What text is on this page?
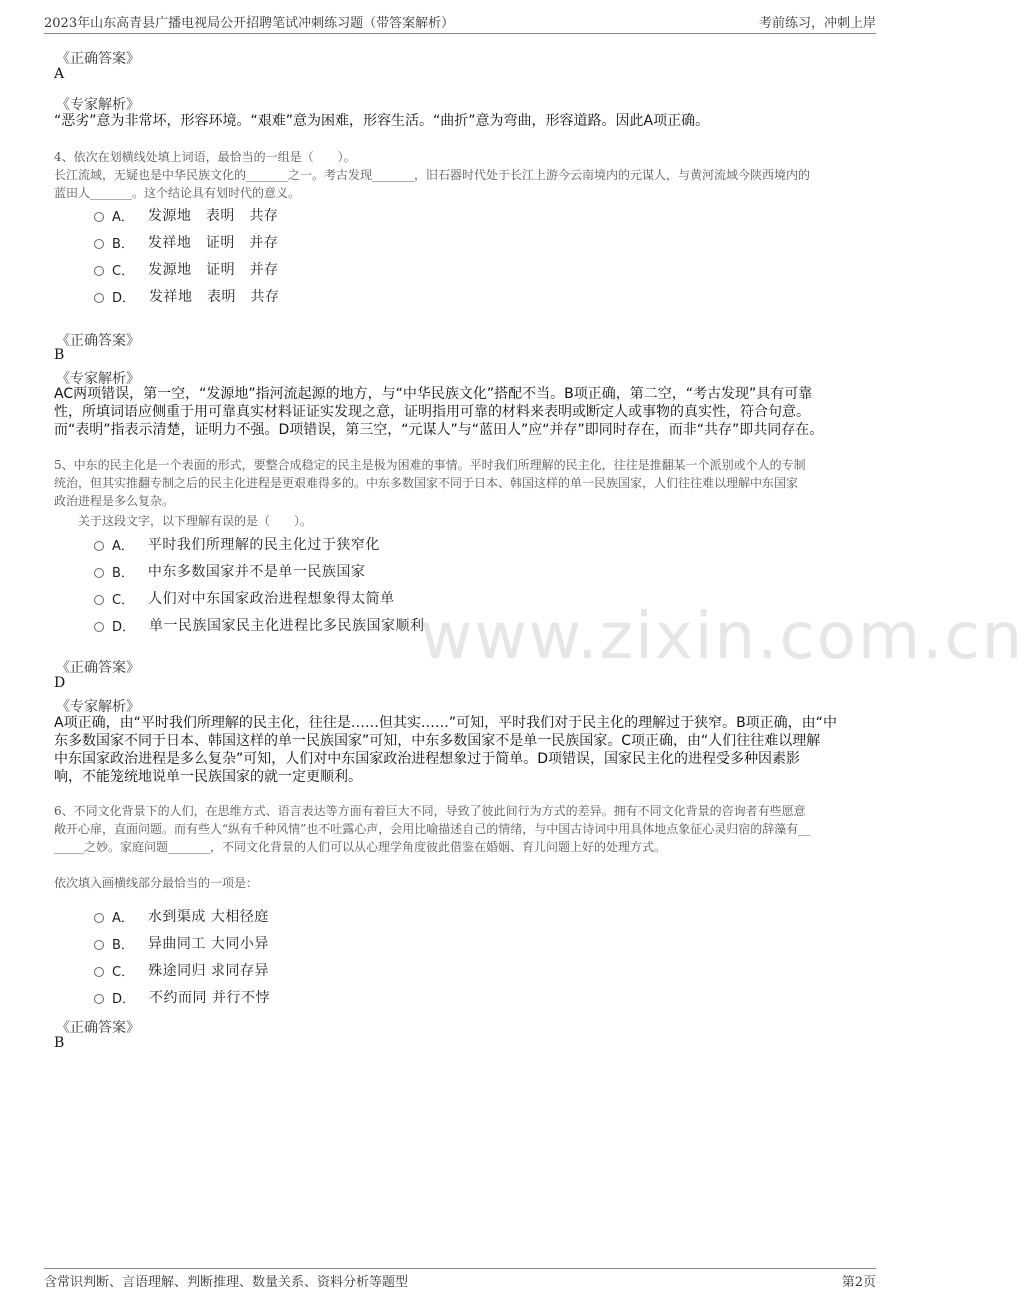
2023年山东高青县广播电视局公开招聘笔试冲刺练习题（带答案解析）	考前练习，冲刺上岸
www.zixin.com.cn
《正确答案》
A
《专家解析》
“恶劣”意为非常坏，形容环境。“艰难”意为困难，形容生活。“曲折”意为弯曲，形容道路。因此A项正确。
4、依次在划横线处填上词语，最恰当的一组是（　　）。
长江流域，无疑也是中华民族文化的_______之一。考古发现_______，旧石器时代处于长江上游今云南境内的元谋人，与黄河流域今陕西境内的
蓝田人_______。这个结论具有划时代的意义。
A． 发源地　表明　共存
B． 发祥地　证明　并存
C． 发源地　证明　并存
D． 发祥地　表明　共存
《正确答案》
B
《专家解析》
AC两项错误，第一空，“发源地”指河流起源的地方，与“中华民族文化”搭配不当。B项正确，第二空，“考古发现”具有可靠
性，所填词语应侧重于用可靠真实材料证证实发现之意，证明指用可靠的材料来表明或断定人或事物的真实性，符合句意。
而“表明”指表示清楚，证明力不强。D项错误，第三空，“元谋人”与“蓝田人”应“并存”即同时存在，而非“共存”即共同存在。
5、中东的民主化是一个表面的形式，要整合成稳定的民主是极为困难的事情。平时我们所理解的民主化，往往是推翻某一个派别或个人的专制
统治，但其实推翻专制之后的民主化进程是更艰难得多的。中东多数国家不同于日本、韩国这样的单一民族国家，人们往往难以理解中东国家
政治进程是多么复杂。
关于这段文字，以下理解有误的是（　　）。
A． 平时我们所理解的民主化过于狭窄化
B． 中东多数国家并不是单一民族国家
C． 人们对中东国家政治进程想象得太简单
D． 单一民族国家民主化进程比多民族国家顺利
《正确答案》
D
《专家解析》
A项正确，由“平时我们所理解的民主化，往往是……但其实……”可知，平时我们对于民主化的理解过于狭窄。B项正确，由“中
东多数国家不同于日本、韩国这样的单一民族国家”可知，中东多数国家不是单一民族国家。C项正确，由“人们往往难以理解
中东国家政治进程是多么复杂”可知，人们对中东国家政治进程想象过于简单。D项错误，国家民主化的进程受多种因素影
响，不能笼统地说单一民族国家的就一定更顺利。
6、不同文化背景下的人们，在思维方式、语言表达等方面有着巨大不同，导致了彼此间行为方式的差异。拥有不同文化背景的咨询者有些愿意
敞开心扉，直面问题。而有些人“纵有千种风情”也不吐露心声，会用比喻描述自己的情绪，与中国古诗词中用具体地点象征心灵归宿的辞藻有__
_____之妙。家庭问题_______，不同文化背景的人们可以从心理学角度彼此借鉴在婚姻、育儿问题上好的处理方式。
依次填入画横线部分最恰当的一项是：
A． 水到渠成 大相径庭
B． 异曲同工 大同小异
C． 殊途同归 求同存异
D． 不约而同 并行不悖
《正确答案》
B
含常识判断、言语理解、判断推理、数量关系、资料分析等题型	第2页
